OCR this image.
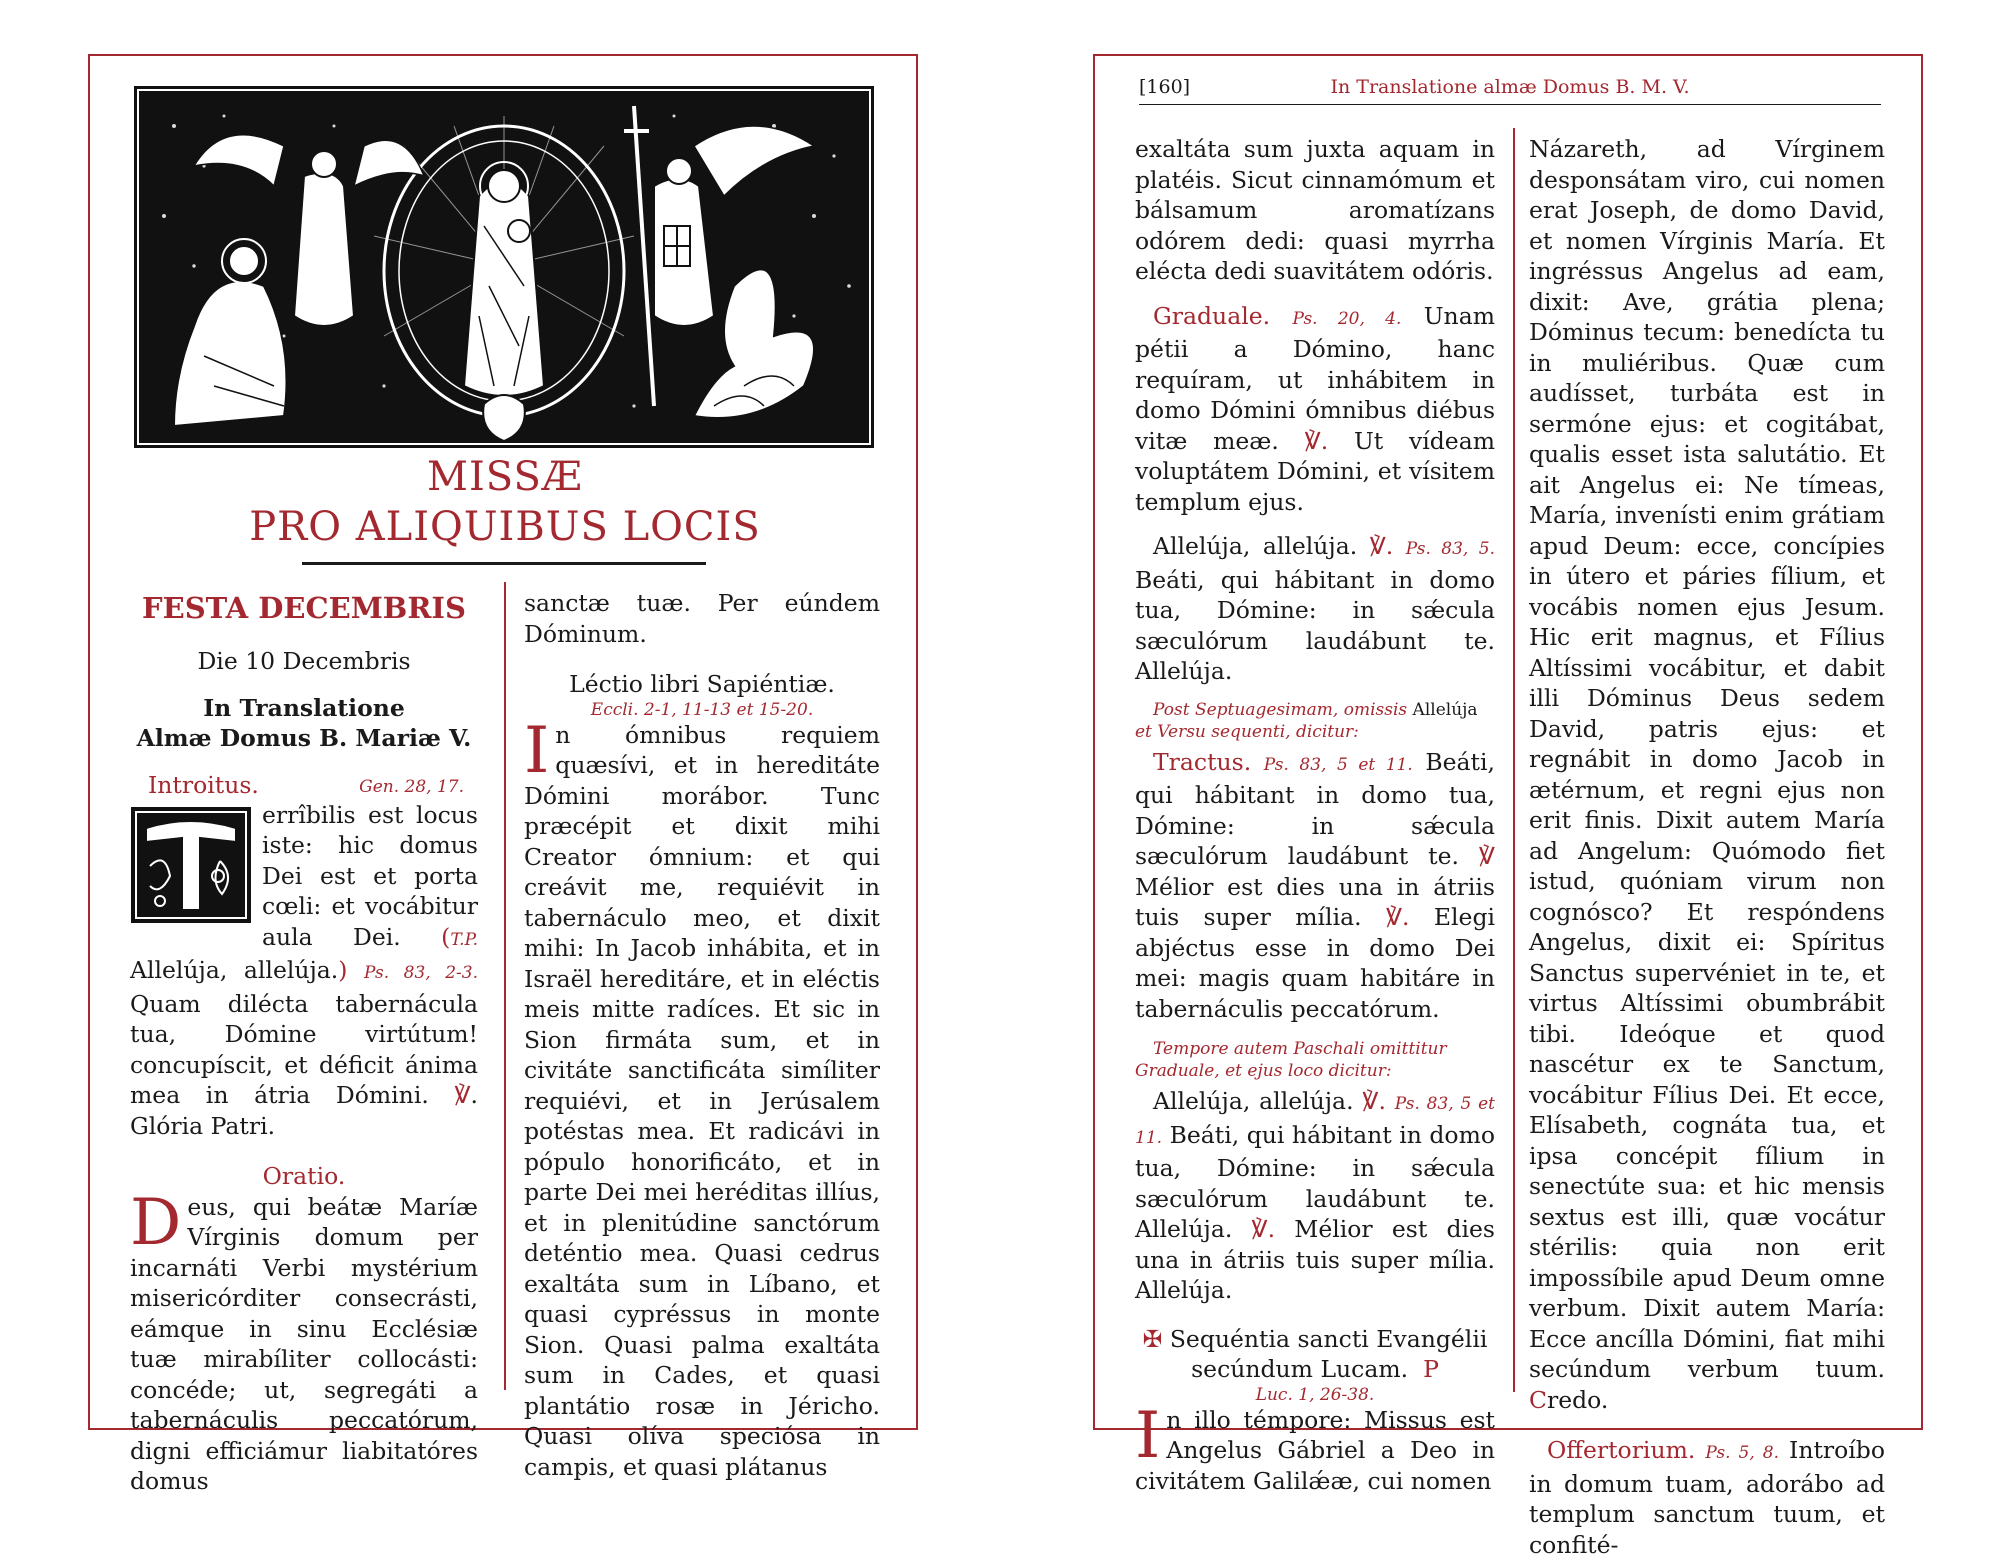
MISSÆ
PRO ALIQUIBUS LOCIS

FESTA DECEMBRIS

Die 10 Decembris

In Translatione

Almæ Domus B. Mariæ V.

Introitus.	Gen. 28, 17.
errîbilis est locus iste: hic domus Dei est et porta cœli: et vocábitur aula Dei. (T.P. Allelúja, allelúja.) Ps. 83, 2-3. Quam dilécta tabernácula tua, Dómine virtútum! concupíscit, et déficit ánima mea in átria Dómini. ℣. Glória Patri.

Oratio.

Deus, qui beátæ Maríæ Vírginis domum per incarnáti Verbi mystérium misericórditer consecrásti, eámque in sinu Ecclésiæ tuæ mirabíliter collocásti: concéde; ut, segregáti a tabernáculis peccatórum, digni efficiámur liabitatóres domus

sanctæ tuæ. Per eúndem Dóminum.

Léctio libri Sapiéntiæ.

Eccli. 2-1, 11-13 et 15-20.

In ómnibus requiem quæsívi, et in hereditáte Dómini morábor. Tunc præcépit et dixit mihi Creator ómnium: et qui creávit me, requiévit in tabernáculo meo, et dixit mihi: In Jacob inhábita, et in Israël hereditáre, et in eléctis meis mitte radíces. Et sic in Sion firmáta sum, et in civitáte sanctificáta simíliter requiévi, et in Jerúsalem potéstas mea. Et radicávi in pópulo honorificáto, et in parte Dei mei heréditas illíus, et in plenitúdine sanctórum deténtio mea. Quasi cedrus exaltáta sum in Líbano, et quasi cypréssus in monte Sion. Quasi palma exaltáta sum in Cades, et quasi plantátio rosæ in Jéricho. Quasi olíva speciósa in campis, et quasi plátanus
[160]	In Translatione almæ Domus B. M. V.

exaltáta sum juxta aquam in platéis. Sicut cinnamómum et bálsamum aromatízans odórem dedi: quasi myrrha elécta dedi suavitátem odóris.

Graduale. Ps. 20, 4. Unam pétii a Dómino, hanc requíram, ut inhábitem in domo Dómini ómnibus diébus vitæ meæ. ℣. Ut vídeam voluptátem Dómini, et vísitem templum ejus.

Allelúja, allelúja. ℣. Ps. 83, 5. Beáti, qui hábitant in domo tua, Dómine: in sǽcula sæculórum laudábunt te. Allelúja.

Post Septuagesimam, omissis Allelúja et Versu sequenti, dicitur:

Tractus. Ps. 83, 5 et 11. Beáti, qui hábitant in domo tua, Dómine: in sǽcula sæculórum laudábunt te. ℣ Mélior est dies una in átriis tuis super mília. ℣. Elegi abjéctus esse in domo Dei mei: magis quam habitáre in tabernáculis peccatórum.

Tempore autem Paschali omittitur Graduale, et ejus loco dicitur:

Allelúja, allelúja. ℣. Ps. 83, 5 et 11. Beáti, qui hábitant in domo tua, Dómine: in sǽcula sæculórum laudábunt te. Allelúja. ℣. Mélior est dies una in átriis tuis super mília. Allelúja.

✠ Sequéntia sancti Evangélii
secúndum Lucam. P

Luc. 1, 26-38.

In illo témpore: Missus est Angelus Gábriel a Deo in civitátem Galilǽæ, cui nomen

Názareth, ad Vírginem desponsátam viro, cui nomen erat Joseph, de domo David, et nomen Vírginis María. Et ingréssus Angelus ad eam, dixit: Ave, grátia plena; Dóminus tecum: benedícta tu in muliéribus. Quæ cum audísset, turbáta est in sermóne ejus: et cogitábat, qualis esset ista salutátio. Et ait Angelus ei: Ne tímeas, María, invenísti enim grátiam apud Deum: ecce, concípies in útero et páries fílium, et vocábis nomen ejus Jesum. Hic erit magnus, et Fílius Altíssimi vocábitur, et dabit illi Dóminus Deus sedem David, patris ejus: et regnábit in domo Jacob in ætérnum, et regni ejus non erit finis. Dixit autem María ad Angelum: Quómodo fiet istud, quóniam virum non cognósco? Et respóndens Angelus, dixit ei: Spíritus Sanctus supervéniet in te, et virtus Altíssimi obumbrábit tibi. Ideóque et quod nascétur ex te Sanctum, vocábitur Fílius Dei. Et ecce, Elísabeth, cognáta tua, et ipsa concépit fílium in senectúte sua: et hic mensis sextus est illi, quæ vocátur stérilis: quia non erit impossíbile apud Deum omne verbum. Dixit autem María: Ecce ancílla Dómini, fiat mihi secúndum verbum tuum. Credo.

Offertorium. Ps. 5, 8. Introíbo in domum tuam, adorábo ad templum sanctum tuum, et confité-
